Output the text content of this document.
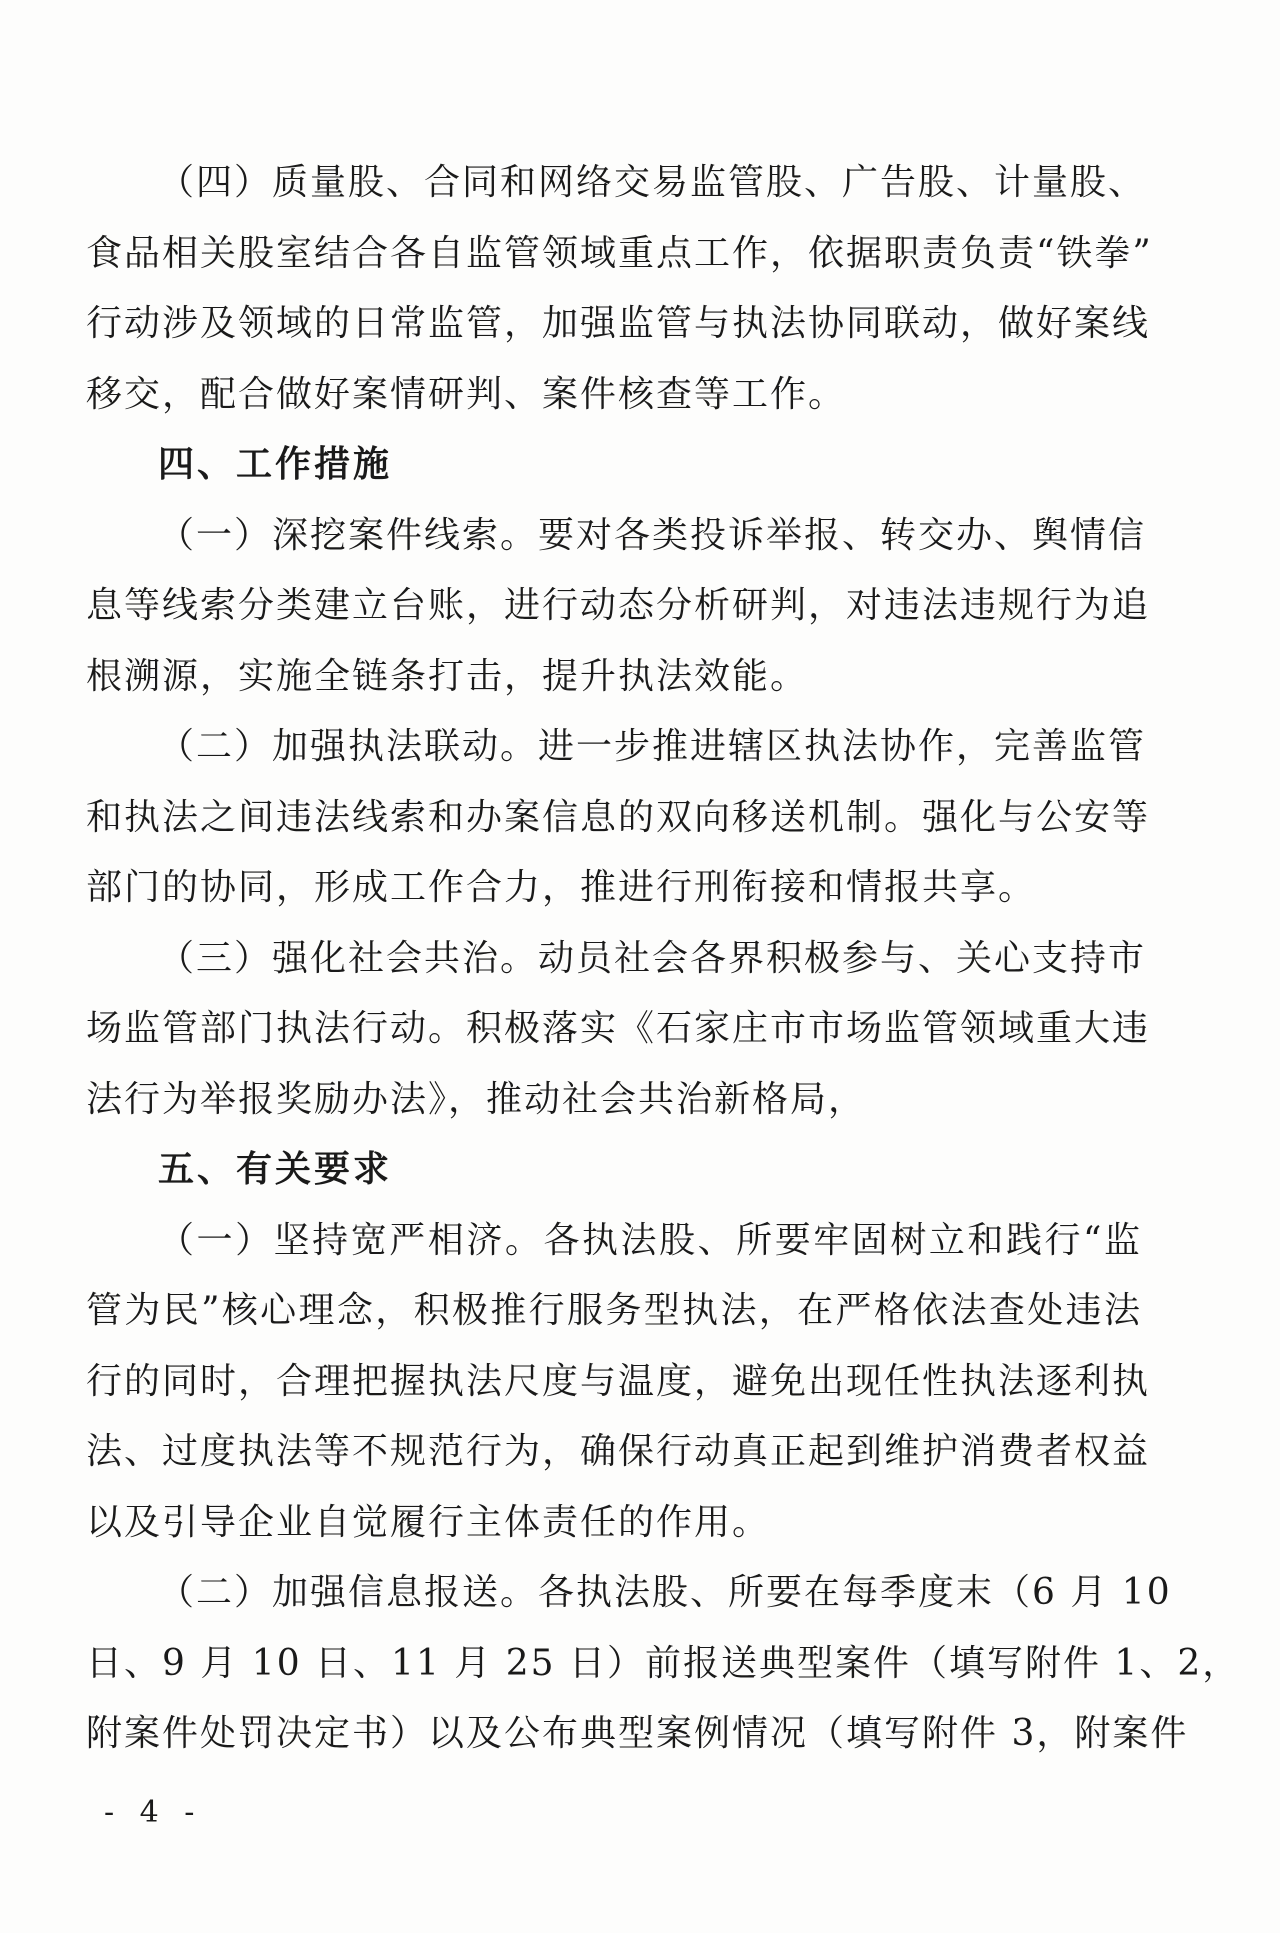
（四）质量股、合同和网络交易监管股、广告股、计量股、
食品相关股室结合各自监管领域重点工作，依据职责负责“铁拳”
行动涉及领域的日常监管，加强监管与执法协同联动，做好案线
移交，配合做好案情研判、案件核查等工作。
四、工作措施
（一）深挖案件线索。要对各类投诉举报、转交办、舆情信
息等线索分类建立台账，进行动态分析研判，对违法违规行为追
根溯源，实施全链条打击，提升执法效能。
（二）加强执法联动。进一步推进辖区执法协作，完善监管
和执法之间违法线索和办案信息的双向移送机制。强化与公安等
部门的协同，形成工作合力，推进行刑衔接和情报共享。
（三）强化社会共治。动员社会各界积极参与、关心支持市
场监管部门执法行动。积极落实《石家庄市市场监管领域重大违
法行为举报奖励办法》，推动社会共治新格局，
五、有关要求
（一）坚持宽严相济。各执法股、所要牢固树立和践行“监
管为民”核心理念，积极推行服务型执法，在严格依法查处违法
行的同时，合理把握执法尺度与温度，避免出现任性执法逐利执
法、过度执法等不规范行为，确保行动真正起到维护消费者权益
以及引导企业自觉履行主体责任的作用。
（二）加强信息报送。各执法股、所要在每季度末（6 月 10
日、9 月 10 日、11 月 25 日）前报送典型案件（填写附件 1、2，
附案件处罚决定书）以及公布典型案例情况（填写附件 3，附案件
- 4 -
